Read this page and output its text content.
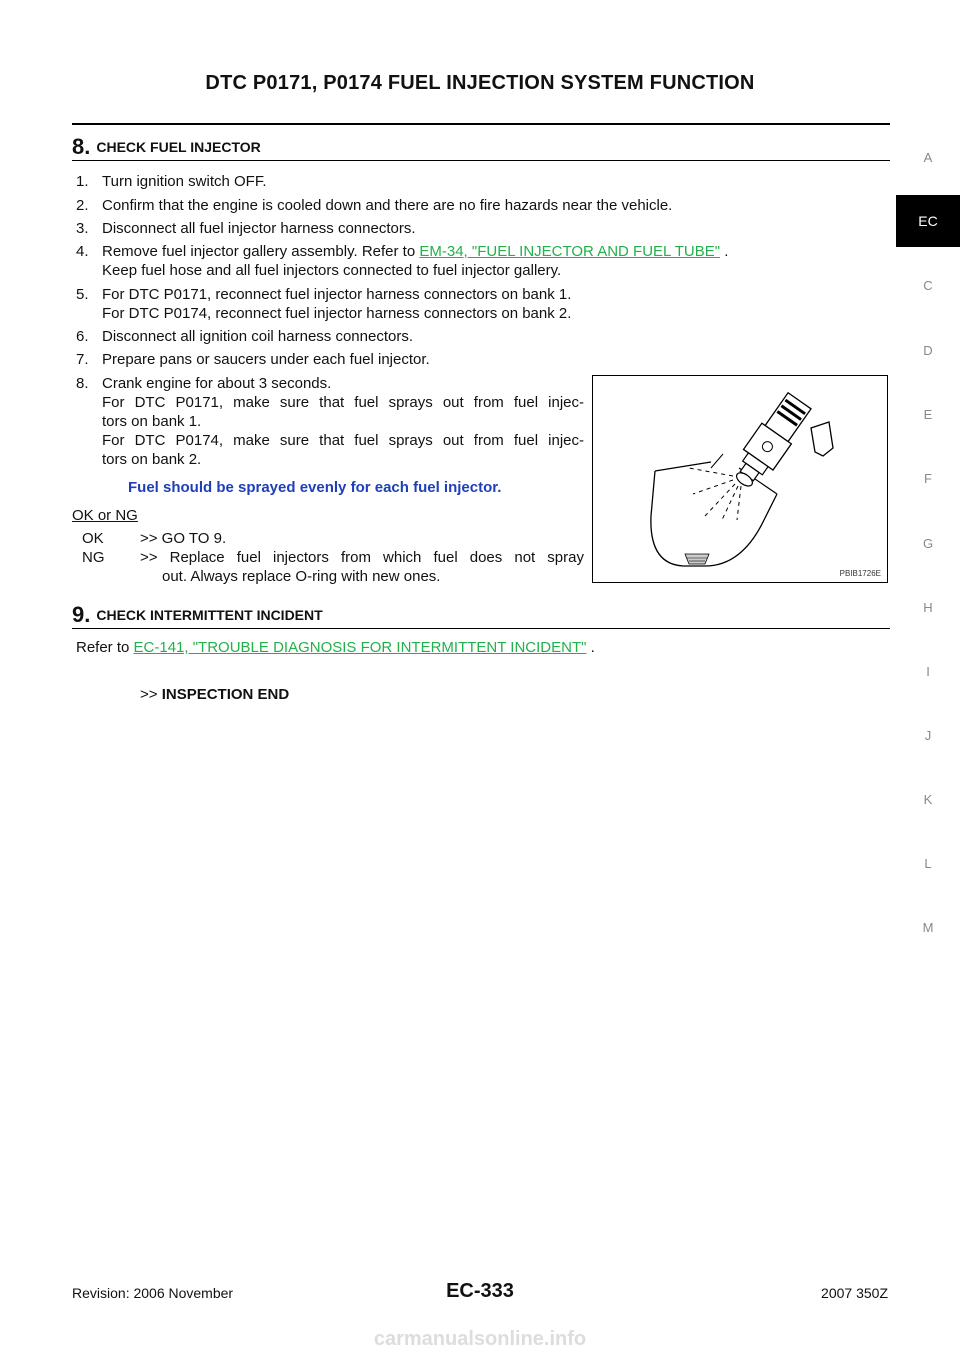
DTC P0171, P0174 FUEL INJECTION SYSTEM FUNCTION
8. CHECK FUEL INJECTOR
1. Turn ignition switch OFF.
2. Confirm that the engine is cooled down and there are no fire hazards near the vehicle.
3. Disconnect all fuel injector harness connectors.
4. Remove fuel injector gallery assembly. Refer to EM-34, "FUEL INJECTOR AND FUEL TUBE" .
Keep fuel hose and all fuel injectors connected to fuel injector gallery.
5. For DTC P0171, reconnect fuel injector harness connectors on bank 1.
For DTC P0174, reconnect fuel injector harness connectors on bank 2.
6. Disconnect all ignition coil harness connectors.
7. Prepare pans or saucers under each fuel injector.
8. Crank engine for about 3 seconds.
For DTC P0171, make sure that fuel sprays out from fuel injec-
tors on bank 1.
For DTC P0174, make sure that fuel sprays out from fuel injec-
tors on bank 2.
Fuel should be sprayed evenly for each fuel injector.
OK or NG
OK >> GO TO 9.
NG >> Replace fuel injectors from which fuel does not spray
out. Always replace O-ring with new ones.	PBIB1726E
9. CHECK INTERMITTENT INCIDENT
Refer to EC-141, "TROUBLE DIAGNOSIS FOR INTERMITTENT INCIDENT" .
>> INSPECTION END
A
EC
C
D
E
F
G
H
I
J
K
L
M
Revision: 2006 November	EC-333	2007 350Z
carmanualsonline.info
